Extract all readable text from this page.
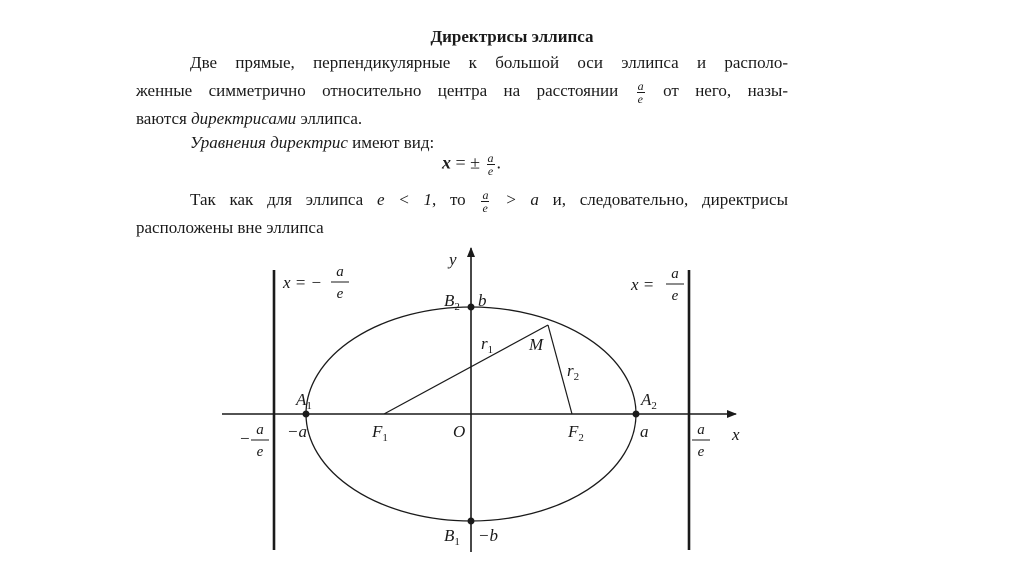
Директрисы эллипса
Две прямые, перпендикулярные к большой оси эллипса и располо-
женные симметрично относительно центра на расстоянии $\frac{a}{e}$ от него, назы-
ваются директрисами эллипса.
Уравнения директрис имеют вид:
x = ± $\frac{a}{e}$ .
Так как для эллипса e < 1, то $\frac{a}{e} > a$ и, следовательно, директрисы
расположены вне эллипса
y
x
O
$B_2$ b
$B_1 -b$
$A_1$
−a
$A_2$
a
$F_1$	$F_2$
M
$r_1$
$r_2$
x = −
a
e	x =
a
e
− a
e
a
e
